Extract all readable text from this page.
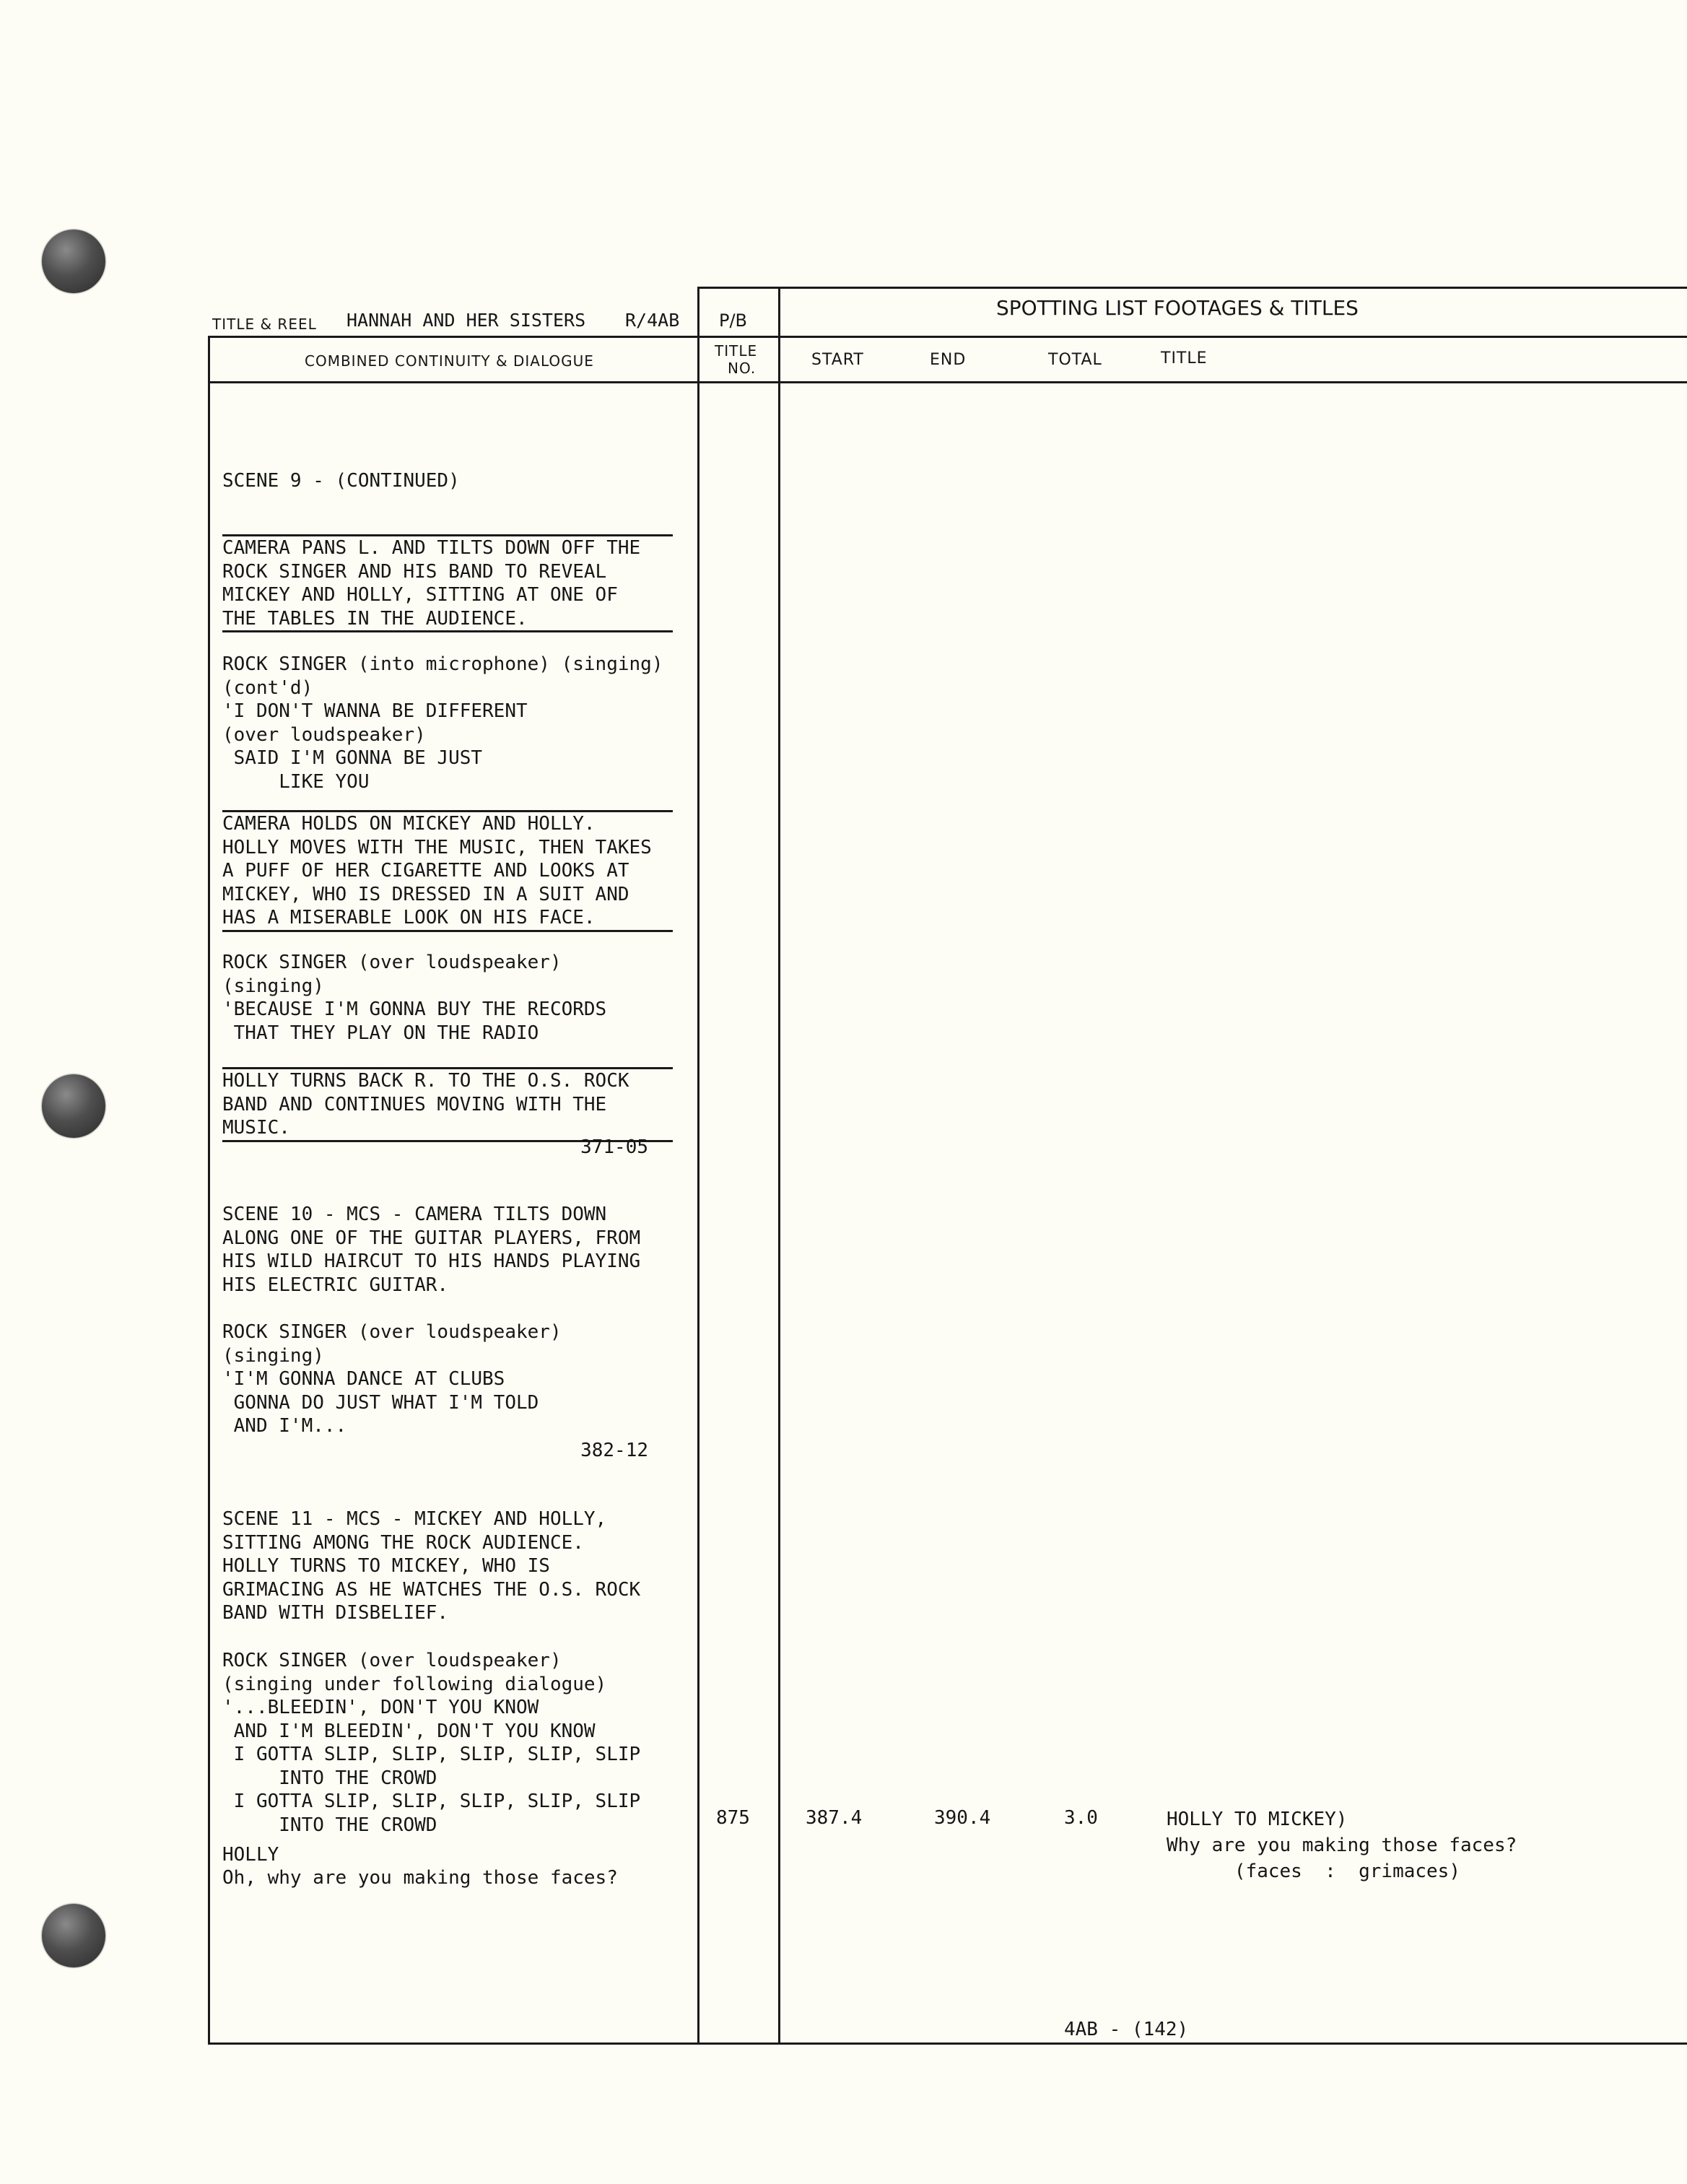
TITLE & REEL HANNAH AND HER SISTERS R/4AB P/B
SPOTTING LIST FOOTAGES & TITLES
COMBINED CONTINUITY & DIALOGUE
TITLE
NO.	START	END	TOTAL	TITLE
SCENE 9 - (CONTINUED)
CAMERA PANS L. AND TILTS DOWN OFF THE
ROCK SINGER AND HIS BAND TO REVEAL
MICKEY AND HOLLY, SITTING AT ONE OF
THE TABLES IN THE AUDIENCE.
ROCK SINGER (into microphone) (singing)
(cont'd)
'I DON'T WANNA BE DIFFERENT
(over loudspeaker)
SAID I'M GONNA BE JUST
LIKE YOU
CAMERA HOLDS ON MICKEY AND HOLLY.
HOLLY MOVES WITH THE MUSIC, THEN TAKES
A PUFF OF HER CIGARETTE AND LOOKS AT
MICKEY, WHO IS DRESSED IN A SUIT AND
HAS A MISERABLE LOOK ON HIS FACE.
ROCK SINGER (over loudspeaker)
(singing)
'BECAUSE I'M GONNA BUY THE RECORDS
THAT THEY PLAY ON THE RADIO
HOLLY TURNS BACK R. TO THE O.S. ROCK
BAND AND CONTINUES MOVING WITH THE
MUSIC.
371-05
SCENE 10 - MCS - CAMERA TILTS DOWN
ALONG ONE OF THE GUITAR PLAYERS, FROM
HIS WILD HAIRCUT TO HIS HANDS PLAYING
HIS ELECTRIC GUITAR.
ROCK SINGER (over loudspeaker)
(singing)
'I'M GONNA DANCE AT CLUBS
GONNA DO JUST WHAT I'M TOLD
AND I'M...
382-12
SCENE 11 - MCS - MICKEY AND HOLLY,
SITTING AMONG THE ROCK AUDIENCE.
HOLLY TURNS TO MICKEY, WHO IS
GRIMACING AS HE WATCHES THE O.S. ROCK
BAND WITH DISBELIEF.
ROCK SINGER (over loudspeaker)
(singing under following dialogue)
'...BLEEDIN', DON'T YOU KNOW
AND I'M BLEEDIN', DON'T YOU KNOW
I GOTTA SLIP, SLIP, SLIP, SLIP, SLIP
INTO THE CROWD
I GOTTA SLIP, SLIP, SLIP, SLIP, SLIP
INTO THE CROWD
HOLLY
Oh, why are you making those faces?
875	387.4	390.4	3.0	HOLLY TO MICKEY)
Why are you making those faces?
(faces  :  grimaces)
4AB - (142)
